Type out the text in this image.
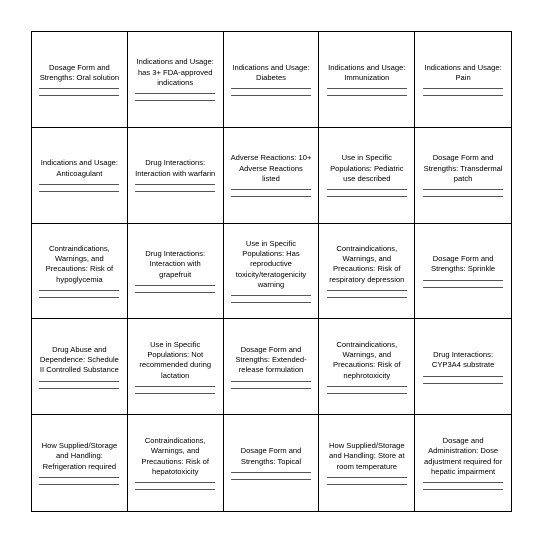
Dosage Form and Strengths: Oral solution
Indications and Usage: has 3+ FDA-approved indications
Indications and Usage: Diabetes
Indications and Usage: Immunization
Indications and Usage: Pain
Indications and Usage: Anticoagulant
Drug Interactions: Interaction with warfarin
Adverse Reactions: 10+ Adverse Reactions listed
Use in Specific Populations: Pediatric use described
Dosage Form and Strengths: Transdermal patch
Contraindications, Warnings, and Precautions: Risk of hypoglycemia
Drug Interactions: Interaction with grapefruit
Use in Specific Populations: Has reproductive toxicity/teratogenicity warning
Contraindications, Warnings, and Precautions: Risk of respiratory depression
Dosage Form and Strengths: Sprinkle
Drug Abuse and Dependence: Schedule II Controlled Substance
Use in Specific Populations: Not recommended during lactation
Dosage Form and Strengths: Extended-release formulation
Contraindications, Warnings, and Precautions: Risk of nephrotoxicity
Drug Interactions: CYP3A4 substrate
How Supplied/Storage and Handling: Refrigeration required
Contraindications, Warnings, and Precautions: Risk of hepatotoxicity
Dosage Form and Strengths: Topical
How Supplied/Storage and Handling: Store at room temperature
Dosage and Administration: Dose adjustment required for hepatic impairment
